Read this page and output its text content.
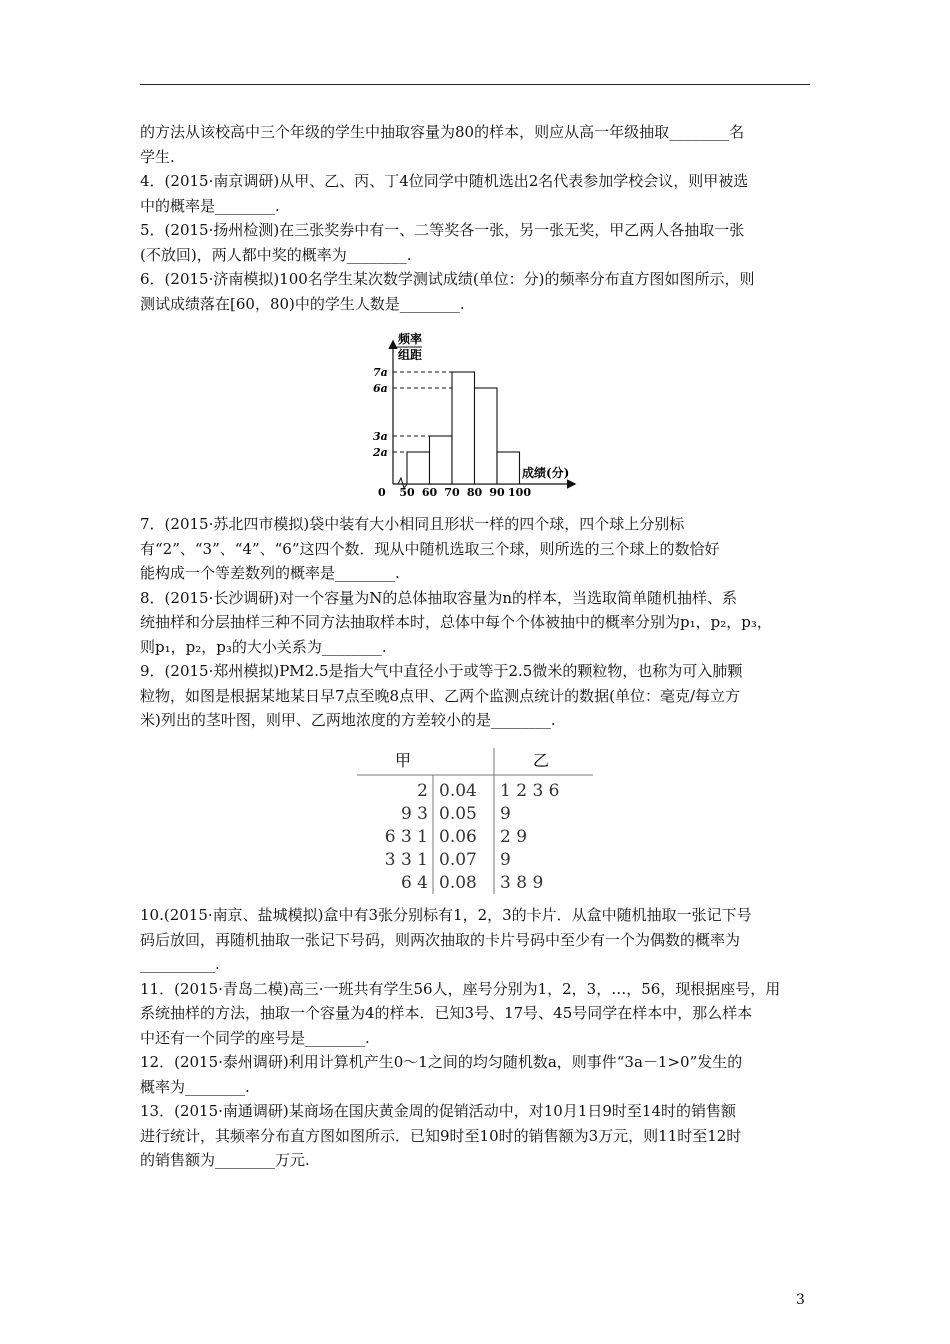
的方法从该校高中三个年级的学生中抽取容量为80的样本，则应从高一年级抽取________名
学生.
4．(2015·南京调研)从甲、乙、丙、丁4位同学中随机选出2名代表参加学校会议，则甲被选
中的概率是________.
5．(2015·扬州检测)在三张奖券中有一、二等奖各一张，另一张无奖，甲乙两人各抽取一张
(不放回)，两人都中奖的概率为________.
6．(2015·济南模拟)100名学生某次数学测试成绩(单位：分)的频率分布直方图如图所示，则
测试成绩落在[60，80)中的学生人数是________.
频率
组距
成绩(分)
0
7a
6a
3a
2a
50 60 70 80 90 100
7．(2015·苏北四市模拟)袋中装有大小相同且形状一样的四个球，四个球上分别标
有“2”、“3”、“4”、“6”这四个数．现从中随机选取三个球，则所选的三个球上的数恰好
能构成一个等差数列的概率是________.
8．(2015·长沙调研)对一个容量为N的总体抽取容量为n的样本，当选取简单随机抽样、系
统抽样和分层抽样三种不同方法抽取样本时，总体中每个个体被抽中的概率分别为p₁，p₂，p₃，
则p₁，p₂，p₃的大小关系为________.
9．(2015·郑州模拟)PM2.5是指大气中直径小于或等于2.5微米的颗粒物，也称为可入肺颗
粒物，如图是根据某地某日早7点至晚8点甲、乙两个监测点统计的数据(单位：毫克/每立方
米)列出的茎叶图，则甲、乙两地浓度的方差较小的是________.
甲	乙
2 0.04 1 2 3 6
9 3 0.05 9
6 3 1 0.06 2 9
3 3 1 0.07 9
6 4 0.08 3 8 9
10.(2015·南京、盐城模拟)盒中有3张分别标有1，2，3的卡片．从盒中随机抽取一张记下号
码后放回，再随机抽取一张记下号码，则两次抽取的卡片号码中至少有一个为偶数的概率为
__________.
11．(2015·青岛二模)高三·一班共有学生56人，座号分别为1，2，3，…，56，现根据座号，用
系统抽样的方法，抽取一个容量为4的样本．已知3号、17号、45号同学在样本中，那么样本
中还有一个同学的座号是________.
12．(2015·泰州调研)利用计算机产生0～1之间的均匀随机数a，则事件“3a－1>0”发生的
概率为________.
13．(2015·南通调研)某商场在国庆黄金周的促销活动中，对10月1日9时至14时的销售额
进行统计，其频率分布直方图如图所示．已知9时至10时的销售额为3万元，则11时至12时
的销售额为________万元.
3
